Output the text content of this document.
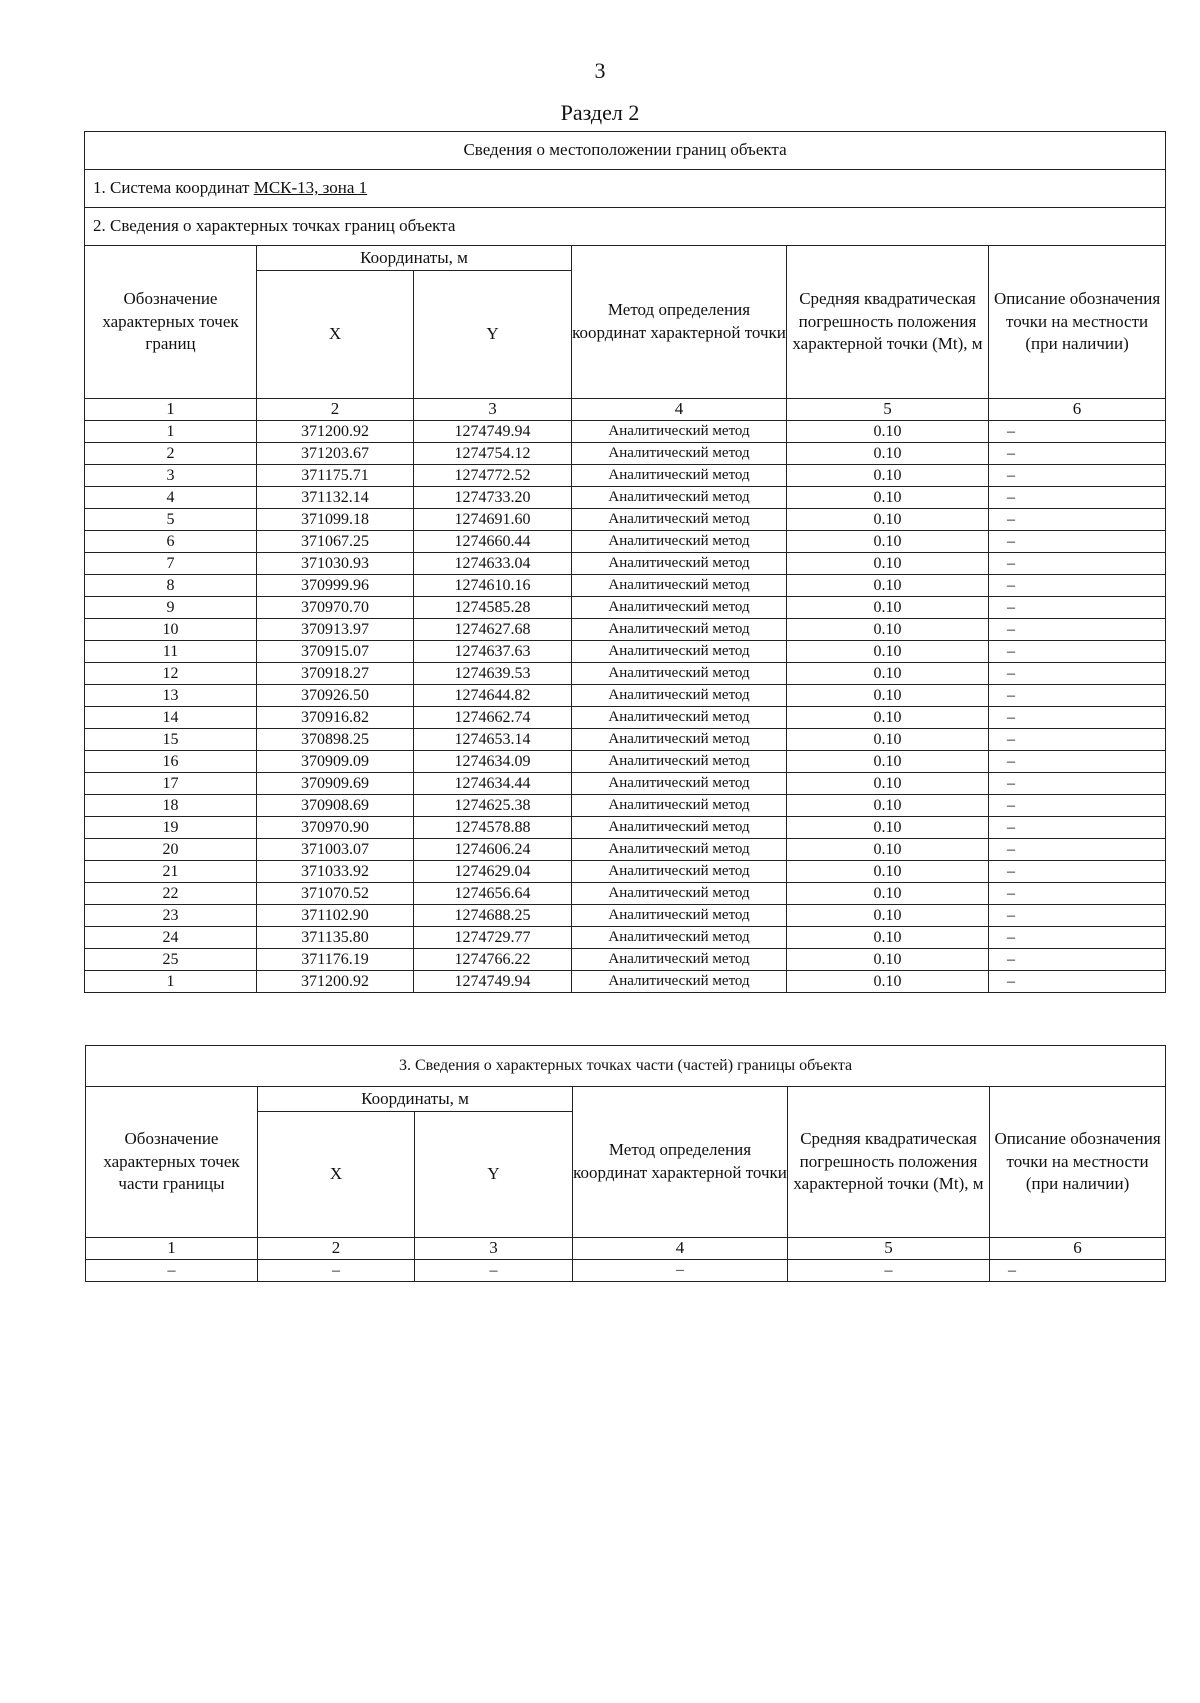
3
Раздел 2
Сведения о местоположении границ объекта					
1. Система координат МСК-13, зона 1					
2. Сведения о характерных точках границ объекта					
Обозначение характерных точек границ	Координаты, м		Метод определения координат характерной точки	Средняя квадратическая погрешность положения характерной точки (Mt), м	Описание обозначения точки на местности (при наличии)
	X	Y			
1	2	3	4	5	6
1	371200.92	1274749.94	Аналитический метод	0.10	–
2	371203.67	1274754.12	Аналитический метод	0.10	–
3	371175.71	1274772.52	Аналитический метод	0.10	–
4	371132.14	1274733.20	Аналитический метод	0.10	–
5	371099.18	1274691.60	Аналитический метод	0.10	–
6	371067.25	1274660.44	Аналитический метод	0.10	–
7	371030.93	1274633.04	Аналитический метод	0.10	–
8	370999.96	1274610.16	Аналитический метод	0.10	–
9	370970.70	1274585.28	Аналитический метод	0.10	–
10	370913.97	1274627.68	Аналитический метод	0.10	–
11	370915.07	1274637.63	Аналитический метод	0.10	–
12	370918.27	1274639.53	Аналитический метод	0.10	–
13	370926.50	1274644.82	Аналитический метод	0.10	–
14	370916.82	1274662.74	Аналитический метод	0.10	–
15	370898.25	1274653.14	Аналитический метод	0.10	–
16	370909.09	1274634.09	Аналитический метод	0.10	–
17	370909.69	1274634.44	Аналитический метод	0.10	–
18	370908.69	1274625.38	Аналитический метод	0.10	–
19	370970.90	1274578.88	Аналитический метод	0.10	–
20	371003.07	1274606.24	Аналитический метод	0.10	–
21	371033.92	1274629.04	Аналитический метод	0.10	–
22	371070.52	1274656.64	Аналитический метод	0.10	–
23	371102.90	1274688.25	Аналитический метод	0.10	–
24	371135.80	1274729.77	Аналитический метод	0.10	–
25	371176.19	1274766.22	Аналитический метод	0.10	–
1	371200.92	1274749.94	Аналитический метод	0.10	–
3. Сведения о характерных точках части (частей) границы объекта					
Обозначение характерных точек части границы	Координаты, м		Метод определения координат характерной точки	Средняя квадратическая погрешность положения характерной точки (Mt), м	Описание обозначения точки на местности (при наличии)
	X	Y			
1	2	3	4	5	6
–	–	–	–	–	–
